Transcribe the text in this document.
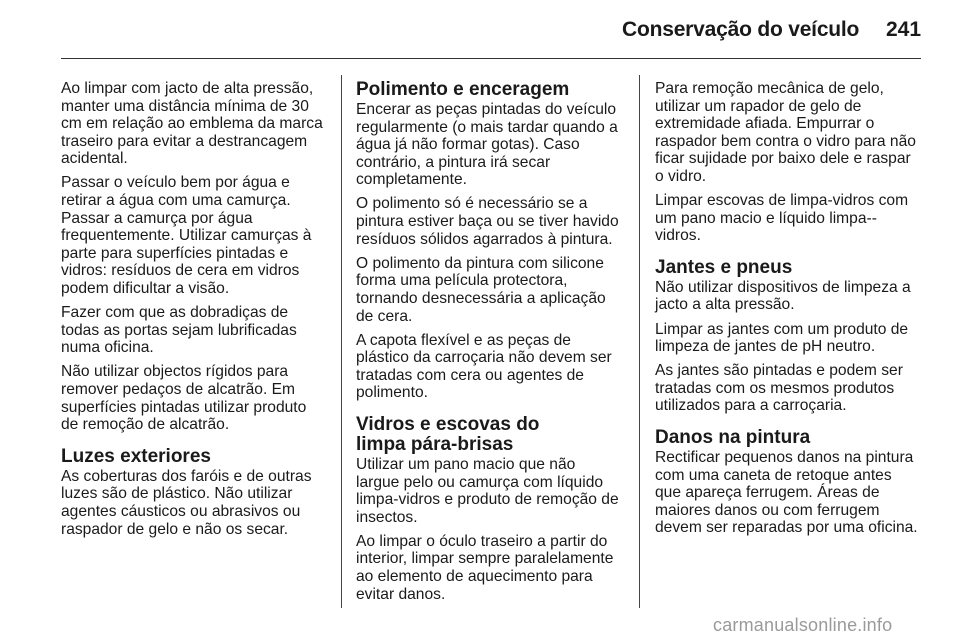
Conservação do veículo 241

Ao limpar com jacto de alta pressão, manter uma distância mínima de 30 cm em relação ao emblema da marca traseiro para evitar a destrancagem acidental.

Passar o veículo bem por água e retirar a água com uma camurça. Passar a camurça por água frequentemente. Utilizar camurças à parte para superfícies pintadas e vidros: resíduos de cera em vidros podem dificultar a visão.

Fazer com que as dobradiças de todas as portas sejam lubrificadas numa oficina.

Não utilizar objectos rígidos para remover pedaços de alcatrão. Em superfícies pintadas utilizar produto de remoção de alcatrão.

Luzes exteriores

As coberturas dos faróis e de outras luzes são de plástico. Não utilizar agentes cáusticos ou abrasivos ou raspador de gelo e não os secar.

Polimento e enceragem

Encerar as peças pintadas do veículo regularmente (o mais tardar quando a água já não formar gotas). Caso contrário, a pintura irá secar completamente.

O polimento só é necessário se a pintura estiver baça ou se tiver havido resíduos sólidos agarrados à pintura.

O polimento da pintura com silicone forma uma película protectora, tornando desnecessária a aplicação de cera.

A capota flexível e as peças de plástico da carroçaria não devem ser tratadas com cera ou agentes de polimento.

Vidros e escovas do
limpa pára-brisas

Utilizar um pano macio que não largue pelo ou camurça com líquido limpa-vidros e produto de remoção de insectos.

Ao limpar o óculo traseiro a partir do interior, limpar sempre paralelamente ao elemento de aquecimento para evitar danos.

Para remoção mecânica de gelo, utilizar um rapador de gelo de extremidade afiada. Empurrar o raspador bem contra o vidro para não ficar sujidade por baixo dele e raspar o vidro.

Limpar escovas de limpa-vidros com um pano macio e líquido limpa--vidros.

Jantes e pneus

Não utilizar dispositivos de limpeza a jacto a alta pressão.

Limpar as jantes com um produto de limpeza de jantes de pH neutro.

As jantes são pintadas e podem ser tratadas com os mesmos produtos utilizados para a carroçaria.

Danos na pintura

Rectificar pequenos danos na pintura com uma caneta de retoque antes que apareça ferrugem. Áreas de maiores danos ou com ferrugem devem ser reparadas por uma oficina.

carmanualsonline.info
